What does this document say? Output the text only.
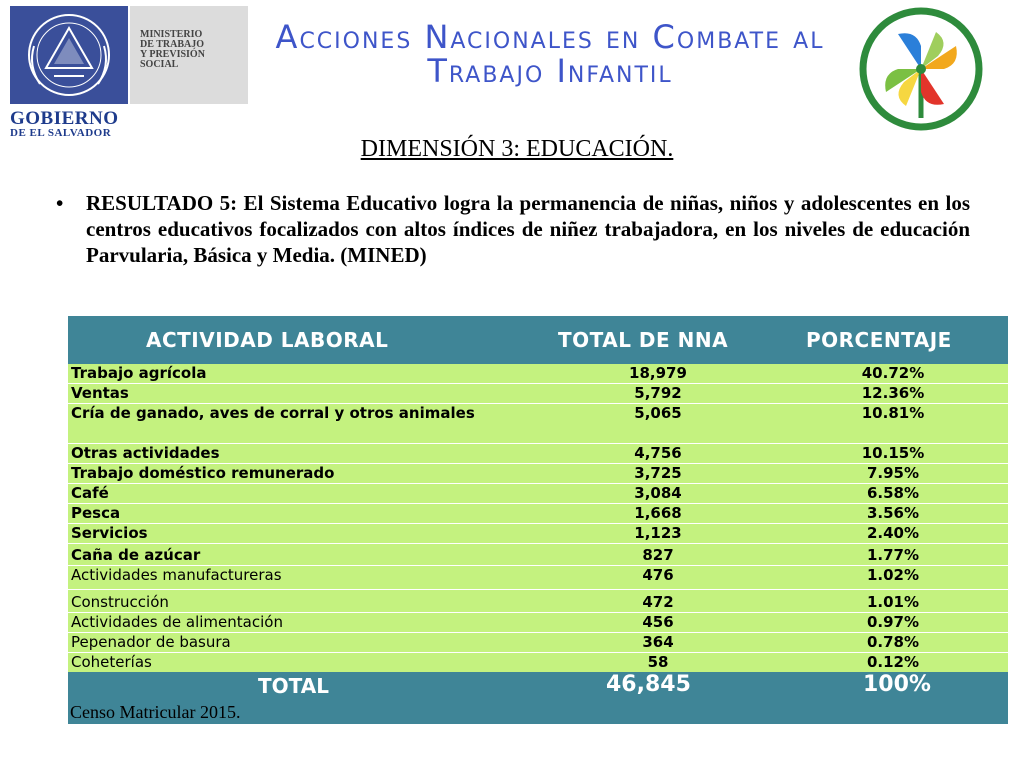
MINISTERIO
DE TRABAJO
Y PREVISIÓN
SOCIAL
GOBIERNO
DE EL SALVADOR
Acciones Nacionales en Combate al Trabajo Infantil
DIMENSIÓN 3: EDUCACIÓN.
•	RESULTADO 5: El Sistema Educativo logra la permanencia de niñas, niños y adolescentes en los centros educativos focalizados con altos índices de niñez trabajadora, en los niveles de educación Parvularia, Básica y Media. (MINED)
ACTIVIDAD LABORAL	TOTAL DE NNA	PORCENTAJE
Trabajo agrícola	18,979	40.72%
Ventas	5,792	12.36%
Cría de ganado, aves de corral y otros animales	5,065	10.81%
Otras actividades	4,756	10.15%
Trabajo doméstico remunerado	3,725	7.95%
Café	3,084	6.58%
Pesca	1,668	3.56%
Servicios	1,123	2.40%
Caña de azúcar	827	1.77%
Actividades manufactureras	476	1.02%
Construcción	472	1.01%
Actividades de alimentación	456	0.97%
Pepenador de basura	364	0.78%
Coheterías	58	0.12%
TOTAL	46,845	100%
Censo Matricular 2015.
